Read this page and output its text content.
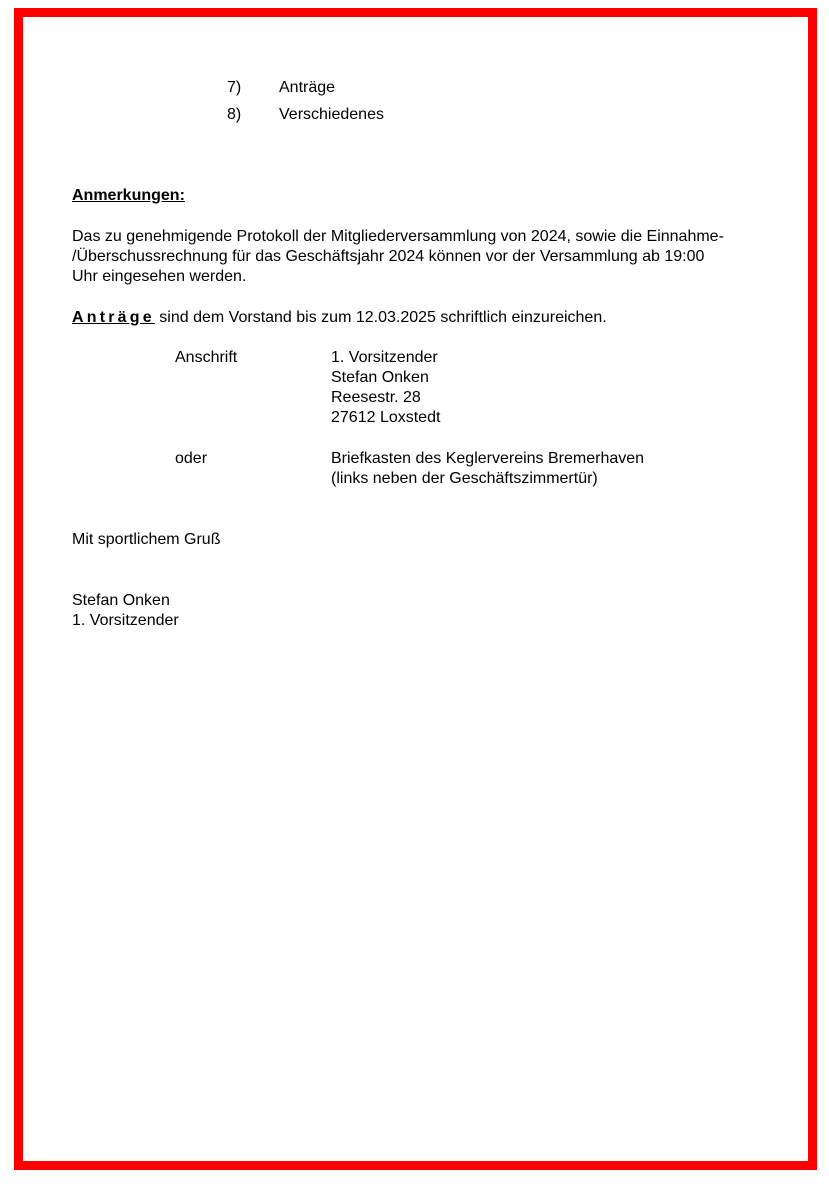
7) Anträge
8) Verschiedenes
Anmerkungen:
Das zu genehmigende Protokoll der Mitgliederversammlung von 2024, sowie die Einnahme-
/Überschussrechnung für das Geschäftsjahr 2024 können vor der Versammlung ab 19:00
Uhr eingesehen werden.
Anträge sind dem Vorstand bis zum 12.03.2025 schriftlich einzureichen.
Anschrift	1. Vorsitzender
Stefan Onken
Reesestr. 28
27612 Loxstedt
oder	Briefkasten des Keglervereins Bremerhaven
(links neben der Geschäftszimmertür)
Mit sportlichem Gruß
Stefan Onken
1. Vorsitzender
